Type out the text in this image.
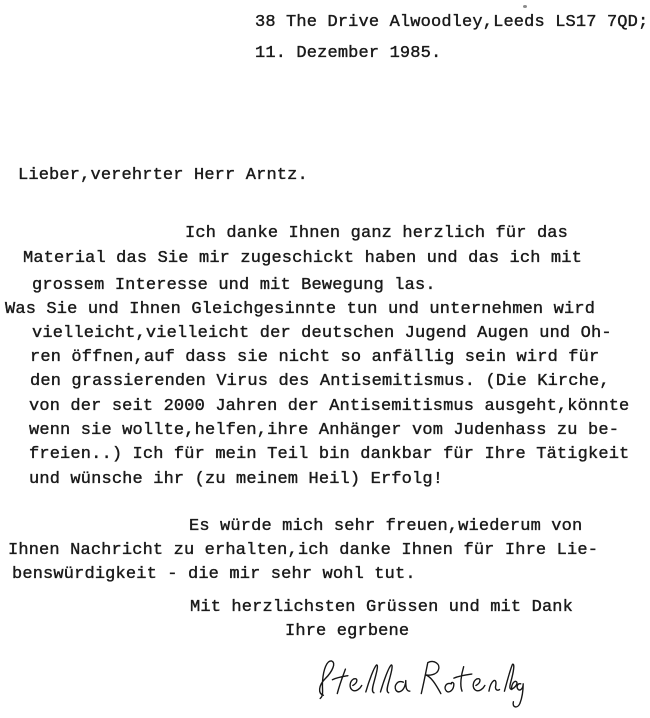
38 The Drive Alwoodley,Leeds LS17 7QD;
11. Dezember 1985.
Lieber,verehrter Herr Arntz.
Ich danke Ihnen ganz herzlich für das
Material das Sie mir zugeschickt haben und das ich mit
grossem Interesse und mit Bewegung las.
Was Sie und Ihnen Gleichgesinnte tun und unternehmen wird
vielleicht,vielleicht der deutschen Jugend Augen und Oh-
ren öffnen,auf dass sie nicht so anfällig sein wird für
den grassierenden Virus des Antisemitismus. (Die Kirche,
von der seit 2000 Jahren der Antisemitismus ausgeht,könnte
wenn sie wollte,helfen,ihre Anhänger vom Judenhass zu be-
freien..) Ich für mein Teil bin dankbar für Ihre Tätigkeit
und wünsche ihr (zu meinem Heil) Erfolg!
Es würde mich sehr freuen,wiederum von
Ihnen Nachricht zu erhalten,ich danke Ihnen für Ihre Lie-
benswürdigkeit - die mir sehr wohl tut.
Mit herzlichsten Grüssen und mit Dank
Ihre egrbene
